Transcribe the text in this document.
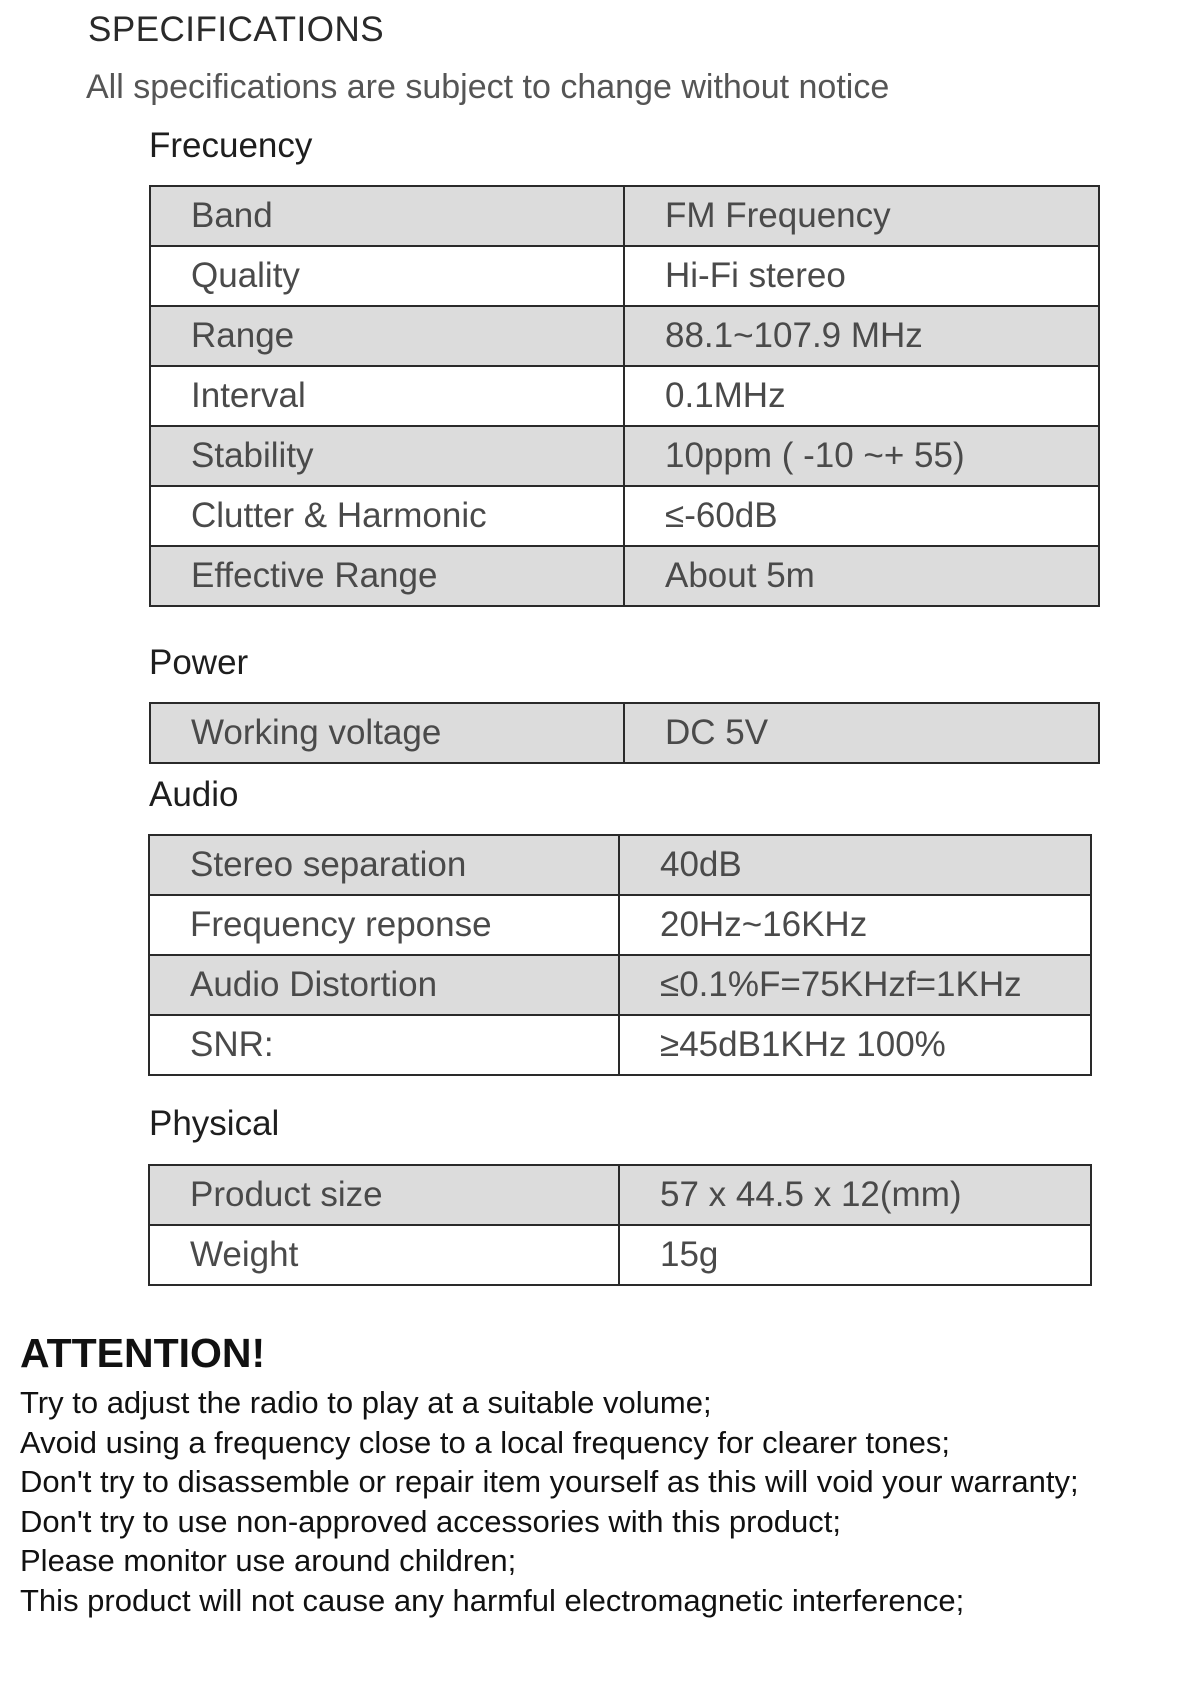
SPECIFICATIONS
All specifications are subject to change without notice
Frecuency
Band	FM Frequency
Quality	Hi-Fi stereo
Range	88.1~107.9 MHz
Interval	0.1MHz
Stability	10ppm ( -10 ~+ 55)
Clutter & Harmonic	≤-60dB
Effective Range	About 5m
Power
Working voltage	DC 5V
Audio
Stereo separation	40dB
Frequency reponse	20Hz~16KHz
Audio Distortion	≤0.1%F=75KHzf=1KHz
SNR:	≥45dB1KHz 100%
Physical
Product size	57 x 44.5 x 12(mm)
Weight	15g
ATTENTION!
Try to adjust the radio to play at a suitable volume;
Avoid using a frequency close to a local frequency for clearer tones;
Don't try to disassemble or repair item yourself as this will void your warranty;
Don't try to use non-approved accessories with this product;
Please monitor use around children;
This product will not cause any harmful electromagnetic interference;
